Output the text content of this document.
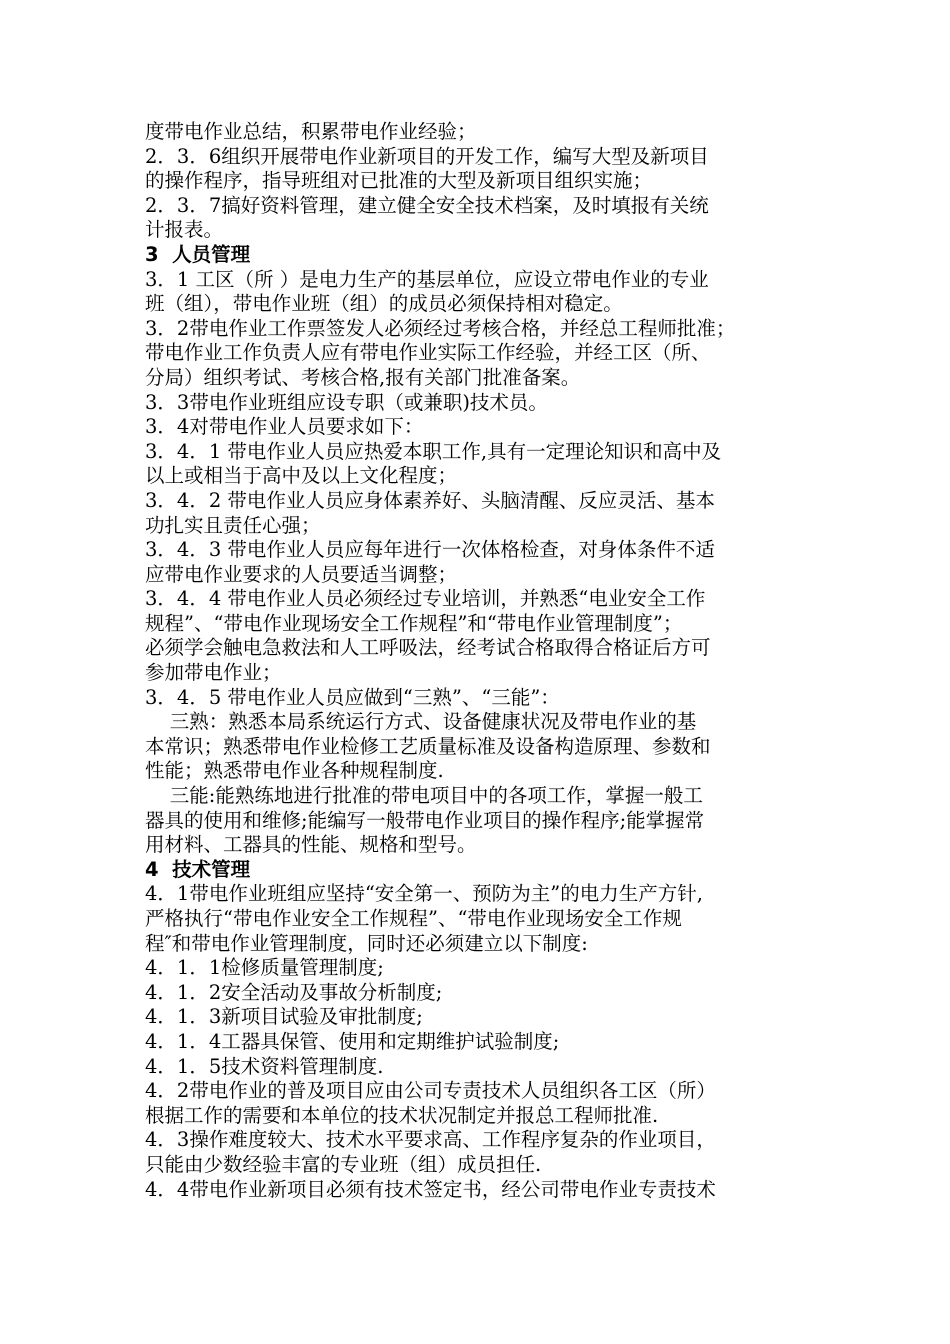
度带电作业总结，积累带电作业经验；
2．3．6组织开展带电作业新项目的开发工作，编写大型及新项目
的操作程序，指导班组对已批准的大型及新项目组织实施；
2．3．7搞好资料管理，建立健全安全技术档案，及时填报有关统
计报表。
3  人员管理
3．1 工区（所 ）是电力生产的基层单位，应设立带电作业的专业
班（组），带电作业班（组）的成员必须保持相对稳定。
3．2带电作业工作票签发人必须经过考核合格，并经总工程师批准；
带电作业工作负责人应有带电作业实际工作经验，并经工区（所、
分局）组织考试、考核合格,报有关部门批准备案。
3．3带电作业班组应设专职（或兼职)技术员。
3．4对带电作业人员要求如下：
3．4．1 带电作业人员应热爱本职工作,具有一定理论知识和高中及
以上或相当于高中及以上文化程度；
3．4．2 带电作业人员应身体素养好、头脑清醒、反应灵活、基本
功扎实且责任心强；
3．4．3 带电作业人员应每年进行一次体格检查，对身体条件不适
应带电作业要求的人员要适当调整；
3．4．4 带电作业人员必须经过专业培训，并熟悉“电业安全工作
规程”、“带电作业现场安全工作规程”和“带电作业管理制度”；
必须学会触电急救法和人工呼吸法，经考试合格取得合格证后方可
参加带电作业；
3．4．5 带电作业人员应做到“三熟”、“三能”：
三熟：熟悉本局系统运行方式、设备健康状况及带电作业的基
本常识；熟悉带电作业检修工艺质量标准及设备构造原理、参数和
性能；熟悉带电作业各种规程制度.
三能:能熟练地进行批准的带电项目中的各项工作，掌握一般工
器具的使用和维修;能编写一般带电作业项目的操作程序;能掌握常
用材料、工器具的性能、规格和型号。
4  技术管理
4．1带电作业班组应坚持“安全第一、预防为主”的电力生产方针,
严格执行“带电作业安全工作规程”、“带电作业现场安全工作规
程″和带电作业管理制度，同时还必须建立以下制度:
4．1．1检修质量管理制度;
4．1．2安全活动及事故分析制度;
4．1．3新项目试验及审批制度;
4．1．4工器具保管、使用和定期维护试验制度;
4．1．5技术资料管理制度.
4．2带电作业的普及项目应由公司专责技术人员组织各工区（所）
根据工作的需要和本单位的技术状况制定并报总工程师批准.
4．3操作难度较大、技术水平要求高、工作程序复杂的作业项目，
只能由少数经验丰富的专业班（组）成员担任.
4．4带电作业新项目必须有技术签定书，经公司带电作业专责技术
